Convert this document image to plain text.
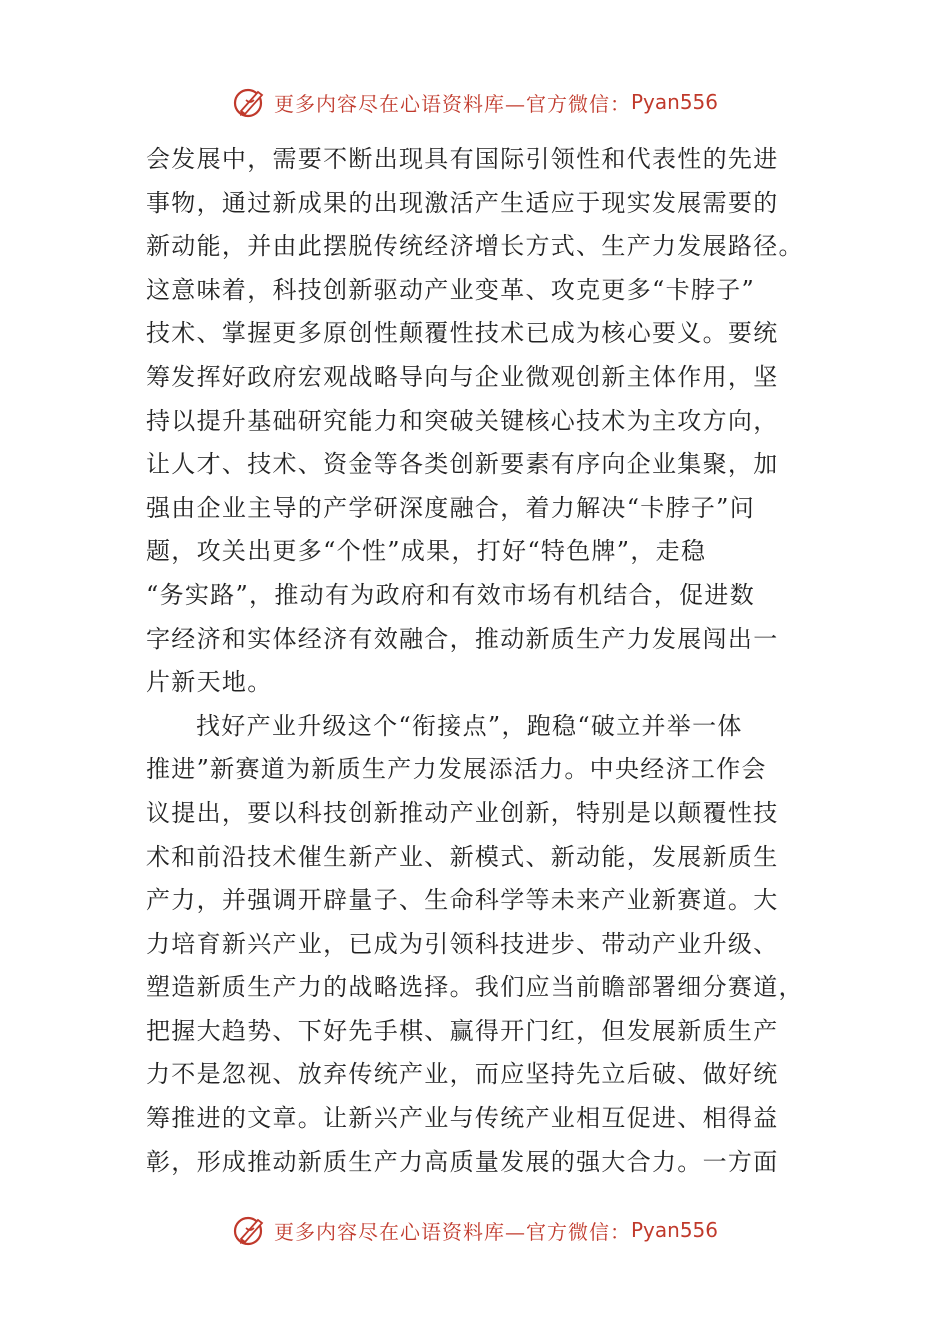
更多内容尽在心语资料库—官方微信： Pyan556
会发展中，需要不断出现具有国际引领性和代表性的先进
事物，通过新成果的出现激活产生适应于现实发展需要的
新动能，并由此摆脱传统经济增长方式、生产力发展路径。
这意味着，科技创新驱动产业变革、攻克更多“卡脖子”
技术、掌握更多原创性颠覆性技术已成为核心要义。要统
筹发挥好政府宏观战略导向与企业微观创新主体作用，坚
持以提升基础研究能力和突破关键核心技术为主攻方向，
让人才、技术、资金等各类创新要素有序向企业集聚，加
强由企业主导的产学研深度融合，着力解决“卡脖子”问
题，攻关出更多“个性”成果，打好“特色牌”，走稳
“务实路”，推动有为政府和有效市场有机结合，促进数
字经济和实体经济有效融合，推动新质生产力发展闯出一
片新天地。
找好产业升级这个“衔接点”，跑稳“破立并举一体
推进”新赛道为新质生产力发展添活力。中央经济工作会
议提出，要以科技创新推动产业创新，特别是以颠覆性技
术和前沿技术催生新产业、新模式、新动能，发展新质生
产力，并强调开辟量子、生命科学等未来产业新赛道。大
力培育新兴产业，已成为引领科技进步、带动产业升级、
塑造新质生产力的战略选择。我们应当前瞻部署细分赛道，
把握大趋势、下好先手棋、赢得开门红，但发展新质生产
力不是忽视、放弃传统产业，而应坚持先立后破、做好统
筹推进的文章。让新兴产业与传统产业相互促进、相得益
彰，形成推动新质生产力高质量发展的强大合力。一方面
更多内容尽在心语资料库—官方微信： Pyan556
